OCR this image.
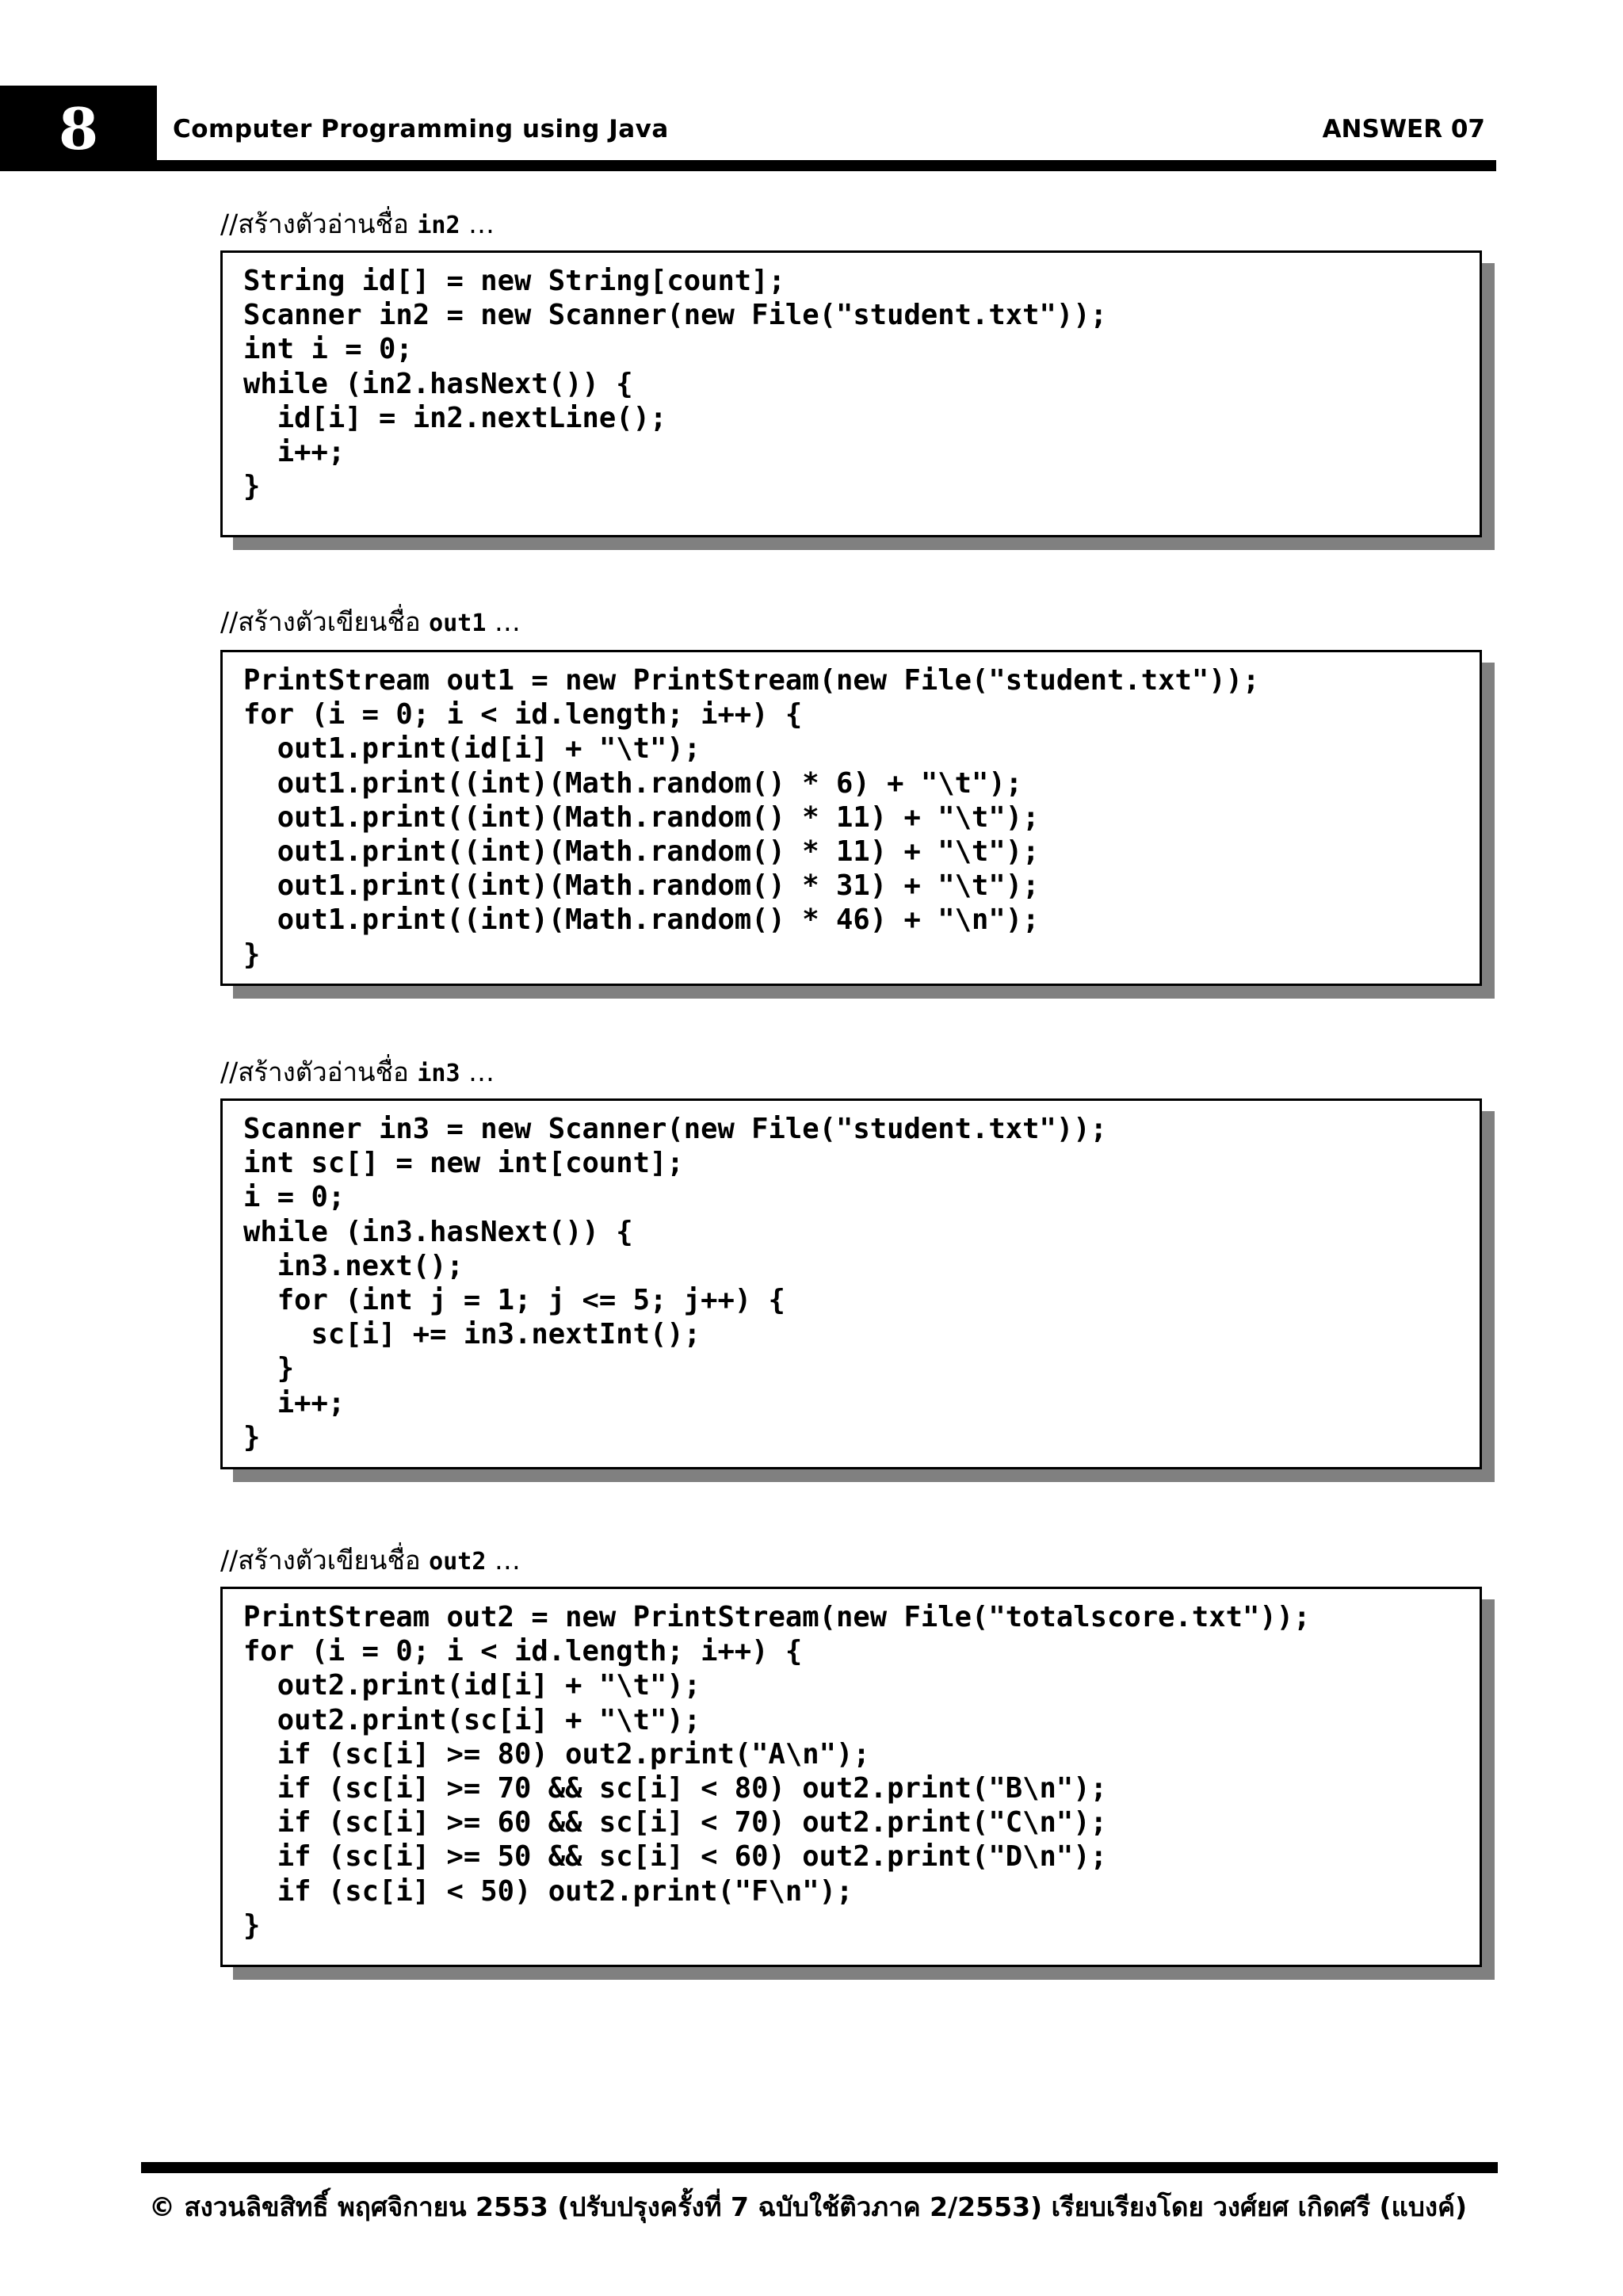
8	Computer Programming using Java	ANSWER 07
//สร้างตัวอ่านชื่อ in2 …
String id[] = new String[count];
Scanner in2 = new Scanner(new File("student.txt"));
int i = 0;
while (in2.hasNext()) {
id[i] = in2.nextLine();
i++;
}
//สร้างตัวเขียนชื่อ out1 …
PrintStream out1 = new PrintStream(new File("student.txt"));
for (i = 0; i < id.length; i++) {
out1.print(id[i] + "\t");
out1.print((int)(Math.random() * 6) + "\t");
out1.print((int)(Math.random() * 11) + "\t");
out1.print((int)(Math.random() * 11) + "\t");
out1.print((int)(Math.random() * 31) + "\t");
out1.print((int)(Math.random() * 46) + "\n");
}
//สร้างตัวอ่านชื่อ in3 …
Scanner in3 = new Scanner(new File("student.txt"));
int sc[] = new int[count];
i = 0;
while (in3.hasNext()) {
in3.next();
for (int j = 1; j <= 5; j++) {
sc[i] += in3.nextInt();
}
i++;
}
//สร้างตัวเขียนชื่อ out2 …
PrintStream out2 = new PrintStream(new File("totalscore.txt"));
for (i = 0; i < id.length; i++) {
out2.print(id[i] + "\t");
out2.print(sc[i] + "\t");
if (sc[i] >= 80) out2.print("A\n");
if (sc[i] >= 70 && sc[i] < 80) out2.print("B\n");
if (sc[i] >= 60 && sc[i] < 70) out2.print("C\n");
if (sc[i] >= 50 && sc[i] < 60) out2.print("D\n");
if (sc[i] < 50) out2.print("F\n");
}
© สงวนลิขสิทธิ์ พฤศจิกายน 2553 (ปรับปรุงครั้งที่ 7 ฉบับใช้ติวภาค 2/2553) เรียบเรียงโดย วงศ์ยศ เกิดศรี (แบงค์)
